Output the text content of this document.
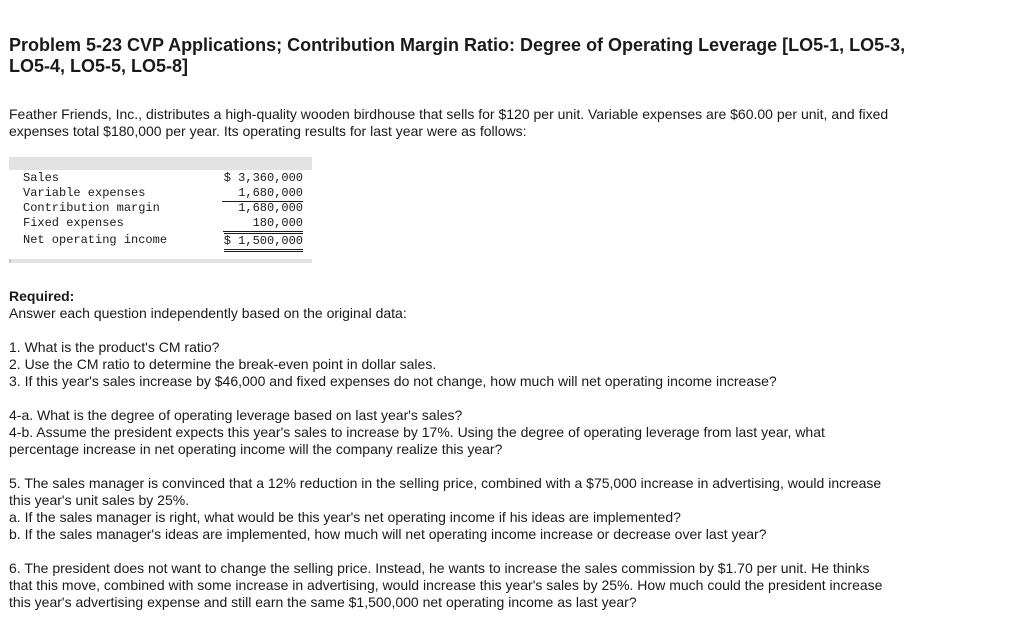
Problem 5-23 CVP Applications; Contribution Margin Ratio: Degree of Operating Leverage [LO5-1, LO5-3, LO5-4, LO5-5, LO5-8]

Feather Friends, Inc., distributes a high-quality wooden birdhouse that sells for $120 per unit. Variable expenses are $60.00 per unit, and fixed expenses total $180,000 per year. Its operating results for last year were as follows:

Sales	$ 3,360,000
Variable expenses	1,680,000
Contribution margin	1,680,000
Fixed expenses	180,000
Net operating income	$ 1,500,000

Required:

Answer each question independently based on the original data:

1. What is the product's CM ratio?

2. Use the CM ratio to determine the break-even point in dollar sales.

3. If this year's sales increase by $46,000 and fixed expenses do not change, how much will net operating income increase?

4-a. What is the degree of operating leverage based on last year's sales?

4-b. Assume the president expects this year's sales to increase by 17%. Using the degree of operating leverage from last year, what percentage increase in net operating income will the company realize this year?

5. The sales manager is convinced that a 12% reduction in the selling price, combined with a $75,000 increase in advertising, would increase this year's unit sales by 25%.

a. If the sales manager is right, what would be this year's net operating income if his ideas are implemented?

b. If the sales manager's ideas are implemented, how much will net operating income increase or decrease over last year?

6. The president does not want to change the selling price. Instead, he wants to increase the sales commission by $1.70 per unit. He thinks that this move, combined with some increase in advertising, would increase this year's sales by 25%. How much could the president increase this year's advertising expense and still earn the same $1,500,000 net operating income as last year?
